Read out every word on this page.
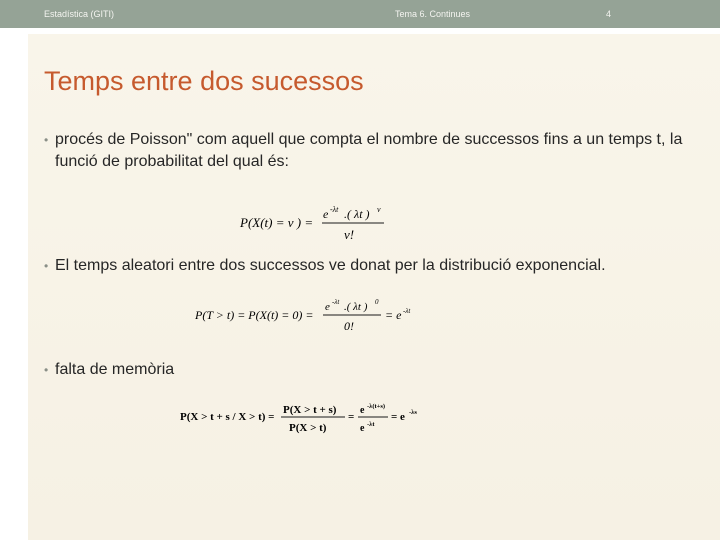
Estadística (GITI)	Tema 6. Continues	4
Temps entre dos sucessos
• procés de Poisson" com aquell que compta el nombre de successos fins a un temps t, la funció de probabilitat del qual és:
P(X(t) = ν ) =
e -λt .( λt ) ν
ν!
• El temps aleatori entre dos successos ve donat per la distribució exponencial.
P(T > t) = P(X(t) = 0) =
e -λt .( λt ) 0
0!
= e -λt
• falta de memòria
P(X > t + s / X > t) =
P(X > t + s)
P(X > t)
=
e -λ(t+s)
e -λt
= e -λs
